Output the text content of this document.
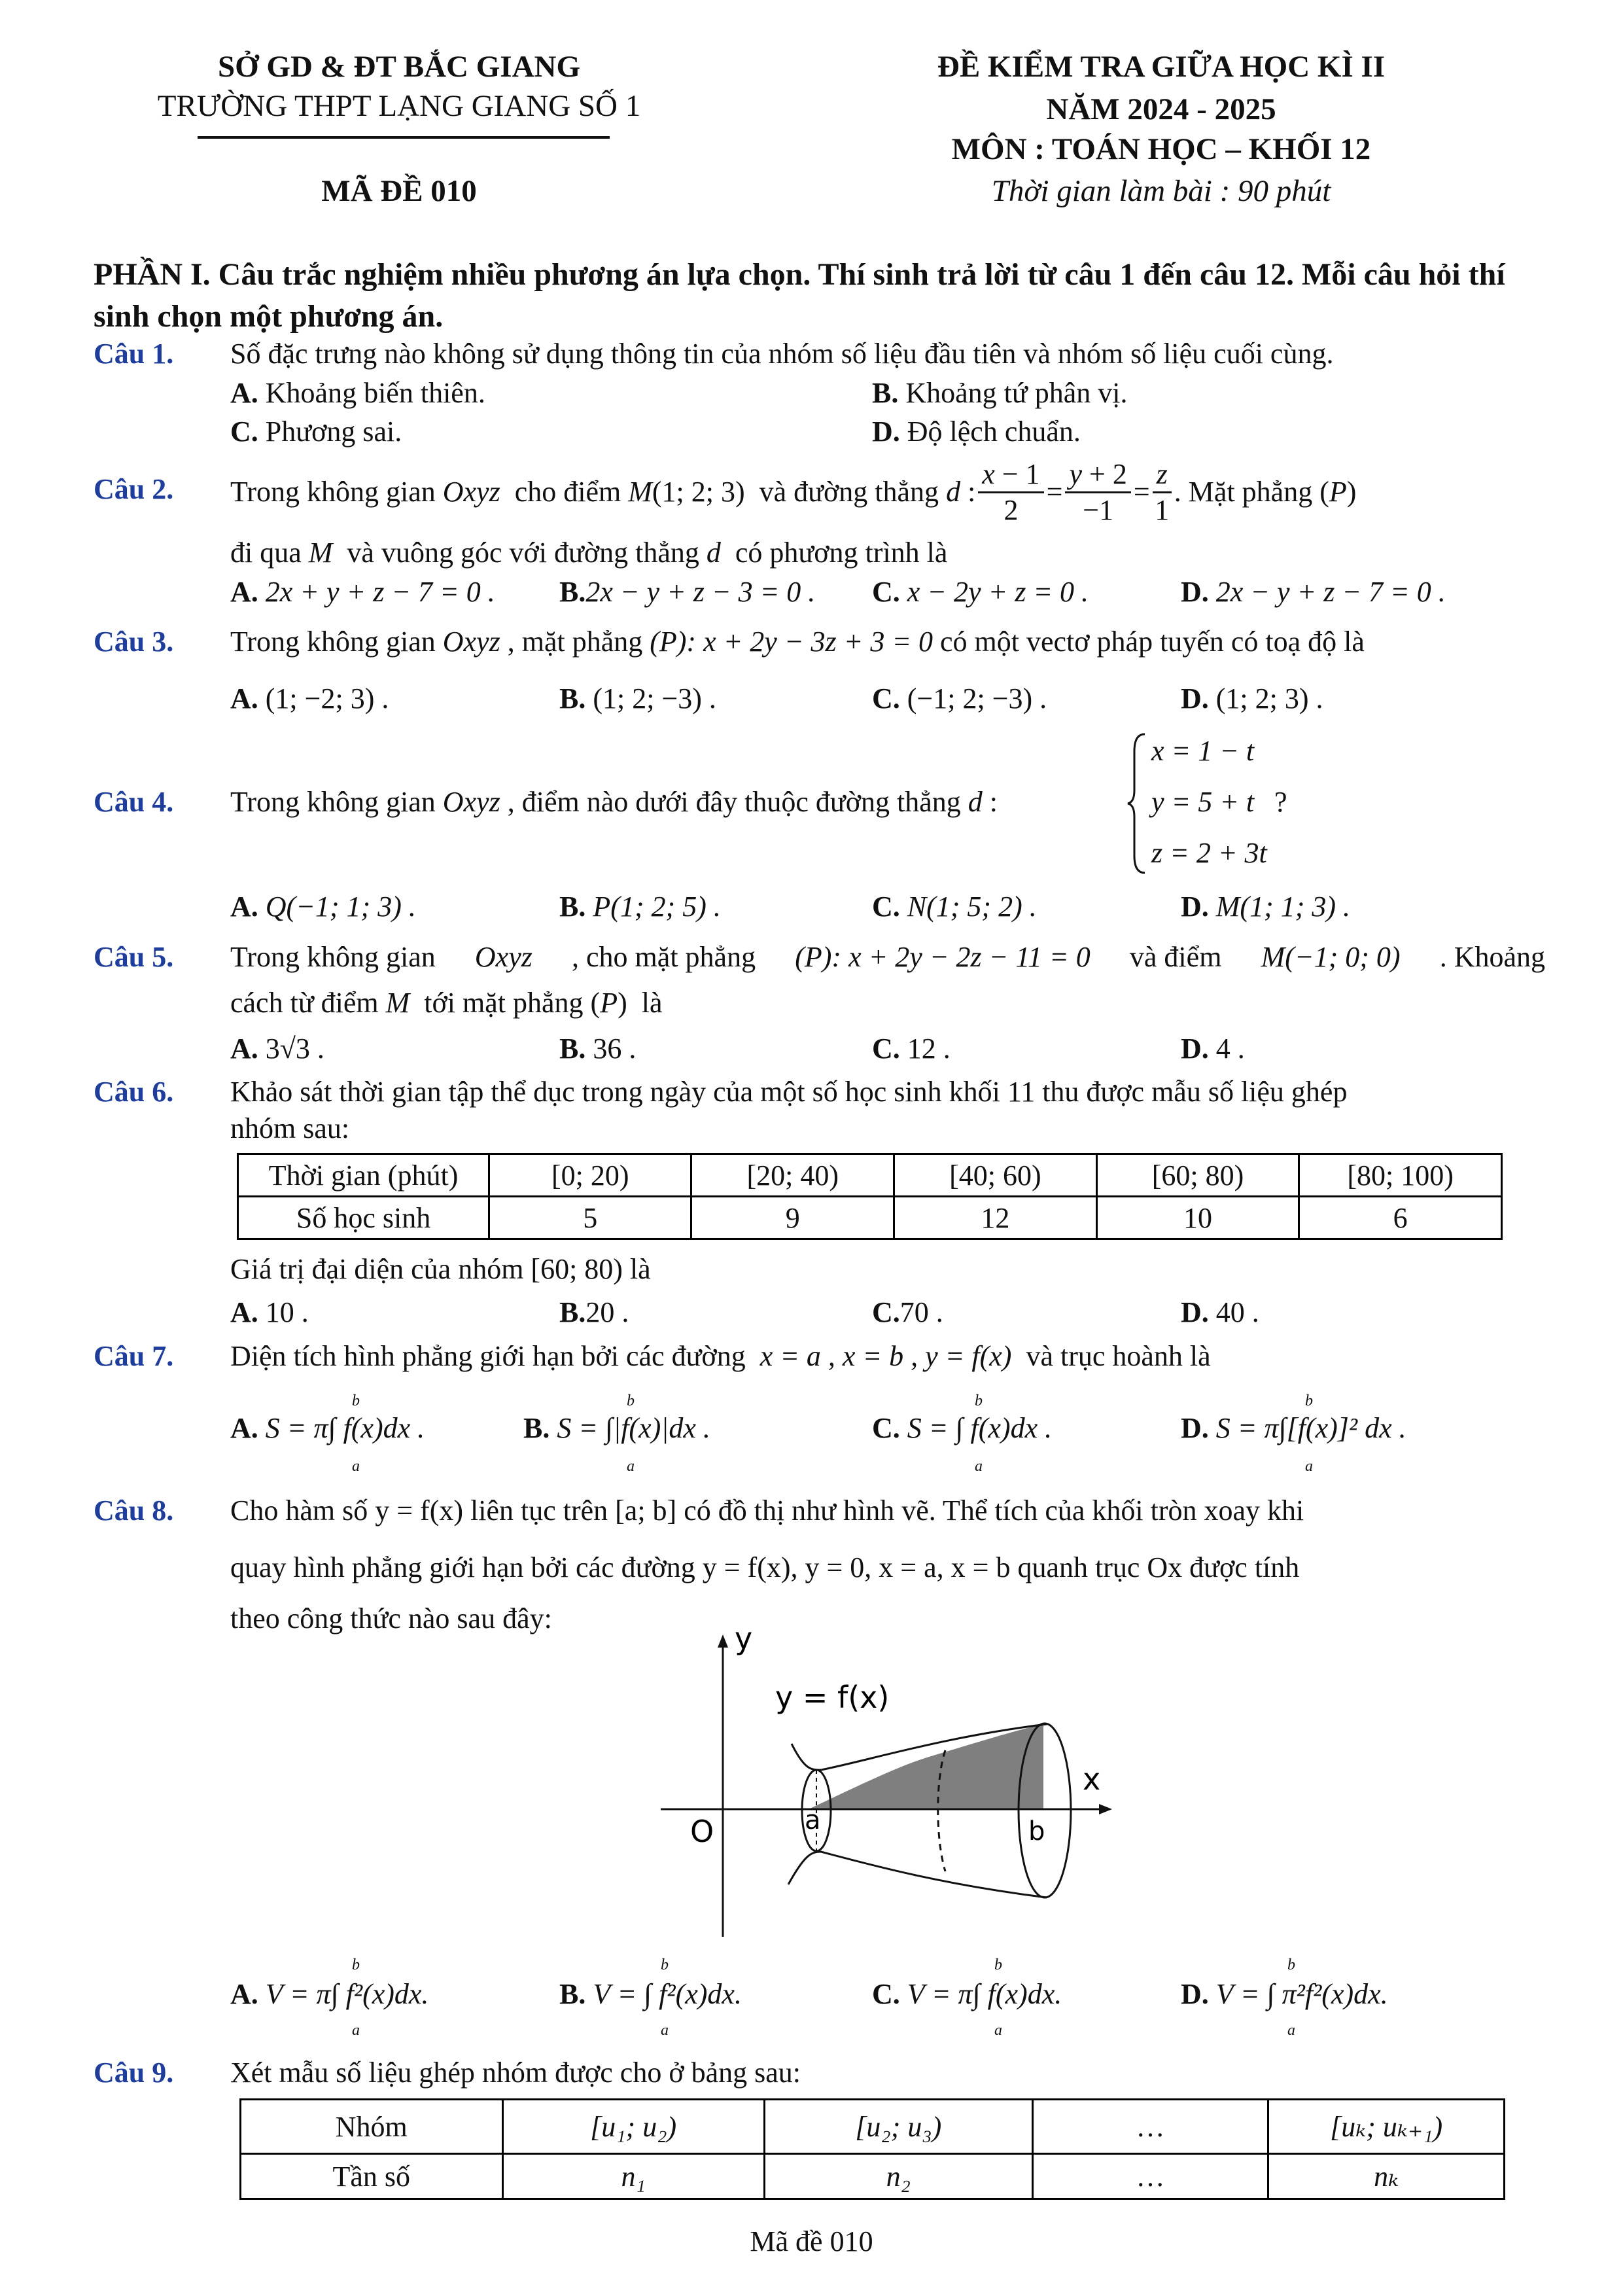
SỞ GD & ĐT BẮC GIANG
TRƯỜNG THPT LẠNG GIANG SỐ 1
MÃ ĐỀ 010
ĐỀ KIỂM TRA GIỮA HỌC KÌ II
NĂM 2024 - 2025
MÔN : TOÁN HỌC – KHỐI 12
Thời gian làm bài : 90 phút
PHẦN I. Câu trắc nghiệm nhiều phương án lựa chọn. Thí sinh trả lời từ câu 1 đến câu 12. Mỗi câu hỏi thí sinh chọn một phương án.
Câu 1. Số đặc trưng nào không sử dụng thông tin của nhóm số liệu đầu tiên và nhóm số liệu cuối cùng.
A. Khoảng biến thiên.	B. Khoảng tứ phân vị.
C. Phương sai.	D. Độ lệch chuẩn.
Câu 2. Trong không gian
Oxyz
cho điểm
M (1; 2; 3) và đường thẳng
d : $\frac{x - 1}{2} = \frac{y + 2}{-1} = \frac{z}{1}$ . Mặt phẳng ( P )
đi qua M và vuông góc với đường thẳng d có phương trình là
A. 2x + y + z − 7 = 0 . B.2x − y + z − 3 = 0 . C. x − 2y + z = 0 .	D. 2x − y + z − 7 = 0 .
Câu 3. Trong không gian Oxyz , mặt phẳng (P): x + 2y − 3z + 3 = 0 có một vectơ pháp tuyến có toạ độ là
A. (1; −2; 3) .	B. (1; 2; −3) .	C. (−1; 2; −3) .	D. (1; 2; 3) .
Câu 4. Trong không gian Oxyz , điểm nào dưới đây thuộc đường thẳng d :
x = 1 − t
y = 5 + t
z = 2 + 3t
?
A. Q(−1; 1; 3) .	B. P(1; 2; 5) .	C. N(1; 5; 2) .	D. M(1; 1; 3) .
Câu 5. Trong không gian Oxyz , cho mặt phẳng (P): x + 2y − 2z − 11 = 0 và điểm M(−1; 0; 0) . Khoảng
cách từ điểm M tới mặt phẳng (P)  là
A. 3√3 .	B. 36 .	C. 12 .	D. 4 .
Câu 6. Khảo sát thời gian tập thể dục trong ngày của một số học sinh khối 11 thu được mẫu số liệu ghép
nhóm sau:
Thời gian (phút)	[0; 20)	[20; 40)	[40; 60)	[60; 80)	[80; 100)
Số học sinh	5	9	12	10	6
Giá trị đại diện của nhóm [60; 80) là
A. 10 .	B.20 .	C.70 .	D. 40 .
Câu 7. Diện tích hình phẳng giới hạn bởi các đường x = a , x = b , y = f(x) và trục hoành là
A. S = π∫ f(x)dx .	B. S = ∫|f(x)|dx .	C. S = ∫ f(x)dx .	D. S = π∫[f(x)]² dx .
b
a
b
a
b
a
b
a
Câu 8. Cho hàm số y = f(x) liên tục trên [a; b] có đồ thị như hình vẽ. Thể tích của khối tròn xoay khi
quay hình phẳng giới hạn bởi các đường y = f(x), y = 0, x = a, x = b quanh trục Ox được tính
theo công thức nào sau đây:
y
y = f(x)
x
O	a	b
A. V = π∫ f²(x)dx.	B. V = ∫ f²(x)dx.	C. V = π∫ f(x)dx.	D. V = ∫ π²f²(x)dx.
b
a
b
a
b
a
b
a
Câu 9. Xét mẫu số liệu ghép nhóm được cho ở bảng sau:
Nhóm	[u₁; u₂)	[u₂; u₃)	…	[uₖ; uₖ₊₁)
Tần số	n₁	n₂	…	nₖ
Mã đề 010
